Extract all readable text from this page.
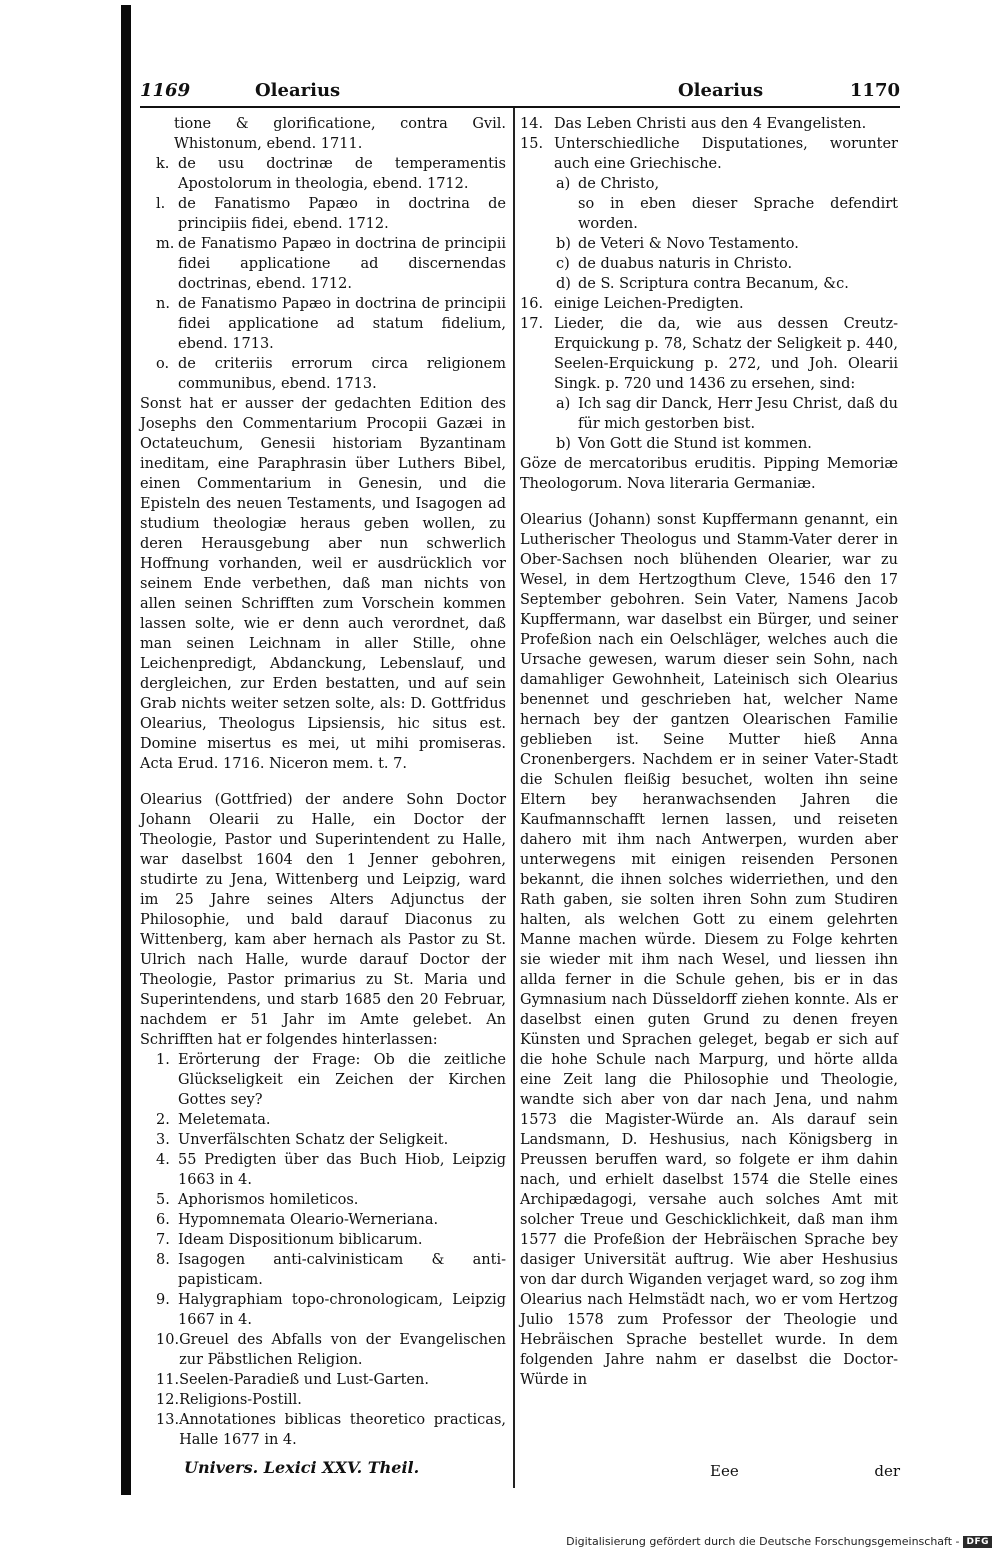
1169	Olearius	Olearius	1170

tione & glorificatione, contra Gvil. Whistonum, ebend. 1711.

k. de usu doctrinæ de temperamentis Apostolorum in theologia, ebend. 1712.
l. de Fanatismo Papæo in doctrina de principiis fidei, ebend. 1712.
m. de Fanatismo Papæo in doctrina de principii fidei applicatione ad discernendas doctrinas, ebend. 1712.
n. de Fanatismo Papæo in doctrina de principii fidei applicatione ad statum fidelium, ebend. 1713.
o. de criteriis errorum circa religionem communibus, ebend. 1713.

Sonst hat er ausser der gedachten Edition des Josephs den Commentarium Procopii Gazæi in Octateuchum, Genesii historiam Byzantinam ineditam, eine Paraphrasin über Luthers Bibel, einen Commentarium in Genesin, und die Episteln des neuen Testaments, und Isagogen ad studium theologiæ heraus geben wollen, zu deren Herausgebung aber nun schwerlich Hoffnung vorhanden, weil er ausdrücklich vor seinem Ende verbethen, daß man nichts von allen seinen Schrifften zum Vorschein kommen lassen solte, wie er denn auch verordnet, daß man seinen Leichnam in aller Stille, ohne Leichenpredigt, Abdanckung, Lebenslauf, und dergleichen, zur Erden bestatten, und auf sein Grab nichts weiter setzen solte, als: D. Gottfridus Olearius, Theologus Lipsiensis, hic situs est. Domine misertus es mei, ut mihi promiseras. Acta Erud. 1716. Niceron mem. t. 7.

Olearius (Gottfried) der andere Sohn Doctor Johann Olearii zu Halle, ein Doctor der Theologie, Pastor und Superintendent zu Halle, war daselbst 1604 den 1 Jenner gebohren, studirte zu Jena, Wittenberg und Leipzig, ward im 25 Jahre seines Alters Adjunctus der Philosophie, und bald darauf Diaconus zu Wittenberg, kam aber hernach als Pastor zu St. Ulrich nach Halle, wurde darauf Doctor der Theologie, Pastor primarius zu St. Maria und Superintendens, und starb 1685 den 20 Februar, nachdem er 51 Jahr im Amte gelebet. An Schrifften hat er folgendes hinterlassen:

1. Erörterung der Frage: Ob die zeitliche Glückseligkeit ein Zeichen der Kirchen Gottes sey?
2. Meletemata.
3. Unverfälschten Schatz der Seligkeit.
4. 55 Predigten über das Buch Hiob, Leipzig 1663 in 4.
5. Aphorismos homileticos.
6. Hypomnemata Oleario-Werneriana.
7. Ideam Dispositionum biblicarum.
8. Isagogen anti-calvinisticam & anti-papisticam.
9. Halygraphiam topo-chronologicam, Leipzig 1667 in 4.
10. Greuel des Abfalls von der Evangelischen zur Päbstlichen Religion.
11. Seelen-Paradieß und Lust-Garten.
12. Religions-Postill.
13. Annotationes biblicas theoretico practicas, Halle 1677 in 4.
14. Das Leben Christi aus den 4 Evangelisten.
15. Unterschiedliche Disputationes, worunter auch eine Griechische.
a) de Christo,
so in eben dieser Sprache defendirt worden.
b) de Veteri & Novo Testamento.
c) de duabus naturis in Christo.
d) de S. Scriptura contra Becanum, &c.
16. einige Leichen-Predigten.
17. Lieder, die da, wie aus dessen Creutz-Erquickung p. 78, Schatz der Seligkeit p. 440, Seelen-Erquickung p. 272, und Joh. Olearii Singk. p. 720 und 1436 zu ersehen, sind:
a) Ich sag dir Danck, Herr Jesu Christ, daß du für mich gestorben bist.
b) Von Gott die Stund ist kommen.

Göze de mercatoribus eruditis. Pipping Memoriæ Theologorum. Nova literaria Germaniæ.

Olearius (Johann) sonst Kupffermann genannt, ein Lutherischer Theologus und Stamm-Vater derer in Ober-Sachsen noch blühenden Olearier, war zu Wesel, in dem Hertzogthum Cleve, 1546 den 17 September gebohren. Sein Vater, Namens Jacob Kupffermann, war daselbst ein Bürger, und seiner Profeßion nach ein Oelschläger, welches auch die Ursache gewesen, warum dieser sein Sohn, nach damahliger Gewohnheit, Lateinisch sich Olearius benennet und geschrieben hat, welcher Name hernach bey der gantzen Olearischen Familie geblieben ist. Seine Mutter hieß Anna Cronenbergers. Nachdem er in seiner Vater-Stadt die Schulen fleißig besuchet, wolten ihn seine Eltern bey heranwachsenden Jahren die Kaufmannschafft lernen lassen, und reiseten dahero mit ihm nach Antwerpen, wurden aber unterwegens mit einigen reisenden Personen bekannt, die ihnen solches widerriethen, und den Rath gaben, sie solten ihren Sohn zum Studiren halten, als welchen Gott zu einem gelehrten Manne machen würde. Diesem zu Folge kehrten sie wieder mit ihm nach Wesel, und liessen ihn allda ferner in die Schule gehen, bis er in das Gymnasium nach Düsseldorff ziehen konnte. Als er daselbst einen guten Grund zu denen freyen Künsten und Sprachen geleget, begab er sich auf die hohe Schule nach Marpurg, und hörte allda eine Zeit lang die Philosophie und Theologie, wandte sich aber von dar nach Jena, und nahm 1573 die Magister-Würde an. Als darauf sein Landsmann, D. Heshusius, nach Königsberg in Preussen beruffen ward, so folgete er ihm dahin nach, und erhielt daselbst 1574 die Stelle eines Archipædagogi, versahe auch solches Amt mit solcher Treue und Geschicklichkeit, daß man ihm 1577 die Profeßion der Hebräischen Sprache bey dasiger Universität auftrug. Wie aber Heshusius von dar durch Wiganden verjaget ward, so zog ihm Olearius nach Helmstädt nach, wo er vom Hertzog Julio 1578 zum Professor der Theologie und Hebräischen Sprache bestellet wurde. In dem folgenden Jahre nahm er daselbst die Doctor-Würde in

Univers. Lexici XXV. Theil.	Eee	der
Digitalisierung gefördert durch die Deutsche Forschungsgemeinschaft - DFG
